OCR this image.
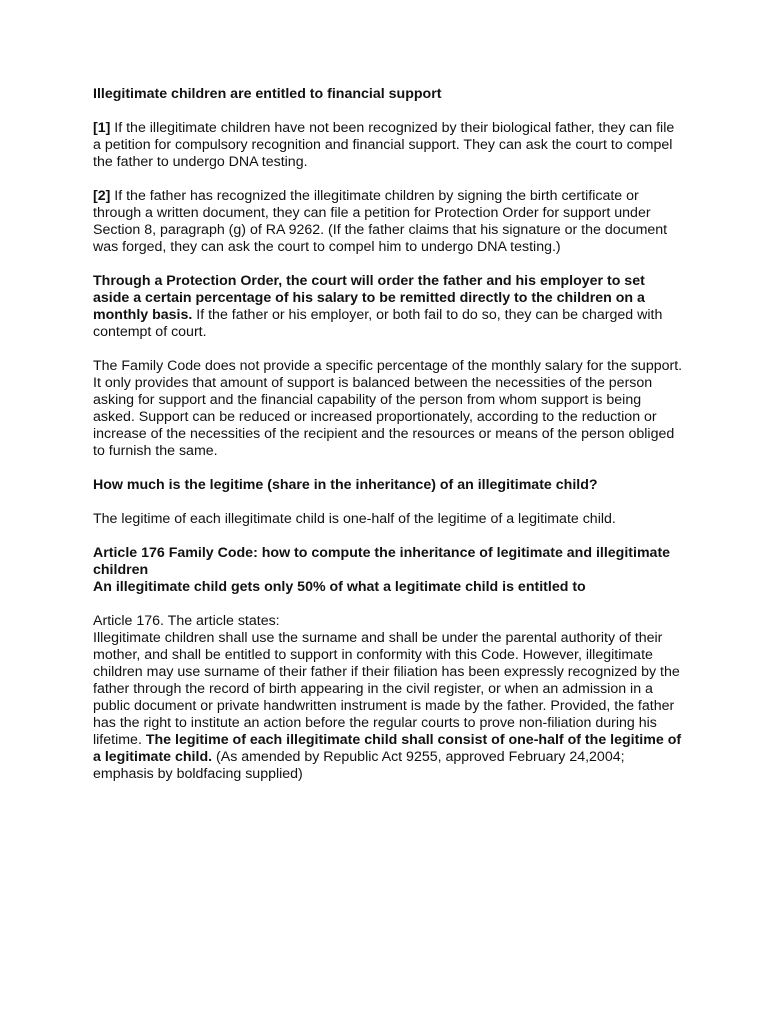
Illegitimate children are entitled to financial support

[1] If the illegitimate children have not been recognized by their biological father, they can file a petition for compulsory recognition and financial support. They can ask the court to compel the father to undergo DNA testing.

[2] If the father has recognized the illegitimate children by signing the birth certificate or through a written document, they can file a petition for Protection Order for support under Section 8, paragraph (g) of RA 9262. (If the father claims that his signature or the document was forged, they can ask the court to compel him to undergo DNA testing.)

Through a Protection Order, the court will order the father and his employer to set aside a certain percentage of his salary to be remitted directly to the children on a monthly basis. If the father or his employer, or both fail to do so, they can be charged with contempt of court.

The Family Code does not provide a specific percentage of the monthly salary for the support. It only provides that amount of support is balanced between the necessities of the person asking for support and the financial capability of the person from whom support is being asked. Support can be reduced or increased proportionately, according to the reduction or increase of the necessities of the recipient and the resources or means of the person obliged to furnish the same.

How much is the legitime (share in the inheritance) of an illegitimate child?

The legitime of each illegitimate child is one-half of the legitime of a legitimate child.

Article 176 Family Code: how to compute the inheritance of legitimate and illegitimate children
An illegitimate child gets only 50% of what a legitimate child is entitled to

Article 176. The article states:
Illegitimate children shall use the surname and shall be under the parental authority of their mother, and shall be entitled to support in conformity with this Code. However, illegitimate children may use surname of their father if their filiation has been expressly recognized by the father through the record of birth appearing in the civil register, or when an admission in a public document or private handwritten instrument is made by the father. Provided, the father has the right to institute an action before the regular courts to prove non-filiation during his lifetime. The legitime of each illegitimate child shall consist of one-half of the legitime of a legitimate child. (As amended by Republic Act 9255, approved February 24,2004; emphasis by boldfacing supplied)
